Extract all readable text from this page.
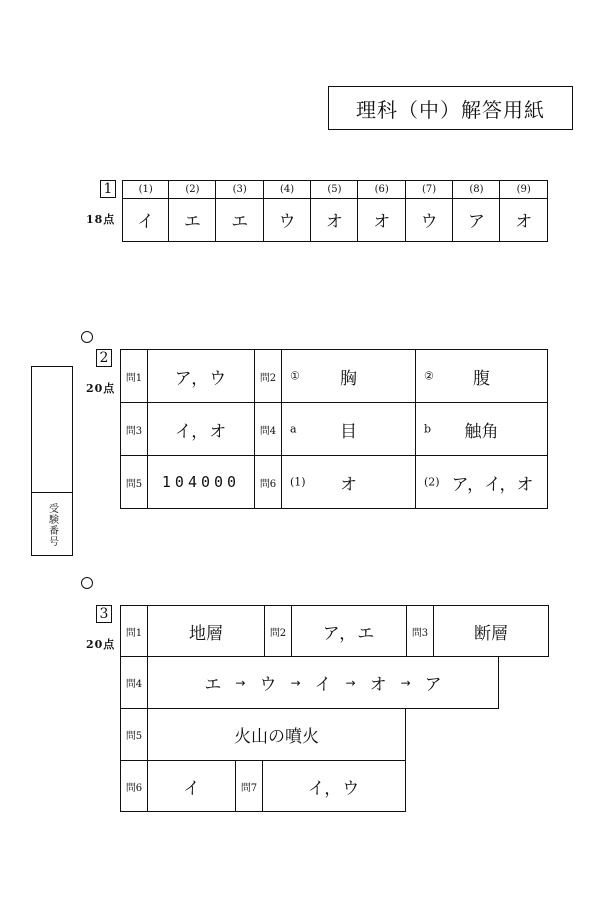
理科（中）解答用紙
受験番号
1
18点
(1)	(2)	(3)	(4)	(5)	(6)	(7)	(8)	(9)
イ	エ	エ	ウ	オ	オ	ウ	ア	オ
2
20点
問1	ア，ウ	問2	①	胸	②	腹
問3	イ，オ	問4	a	目	b	触角
問5	104000	問6	(1)	オ	(2) ア，イ，オ
3
20点
問1	地層	問2	ア，エ	問3	断層
問4	エ → ウ → イ → オ → ア
問5	火山の噴火
問6	イ	問7	イ，ウ
